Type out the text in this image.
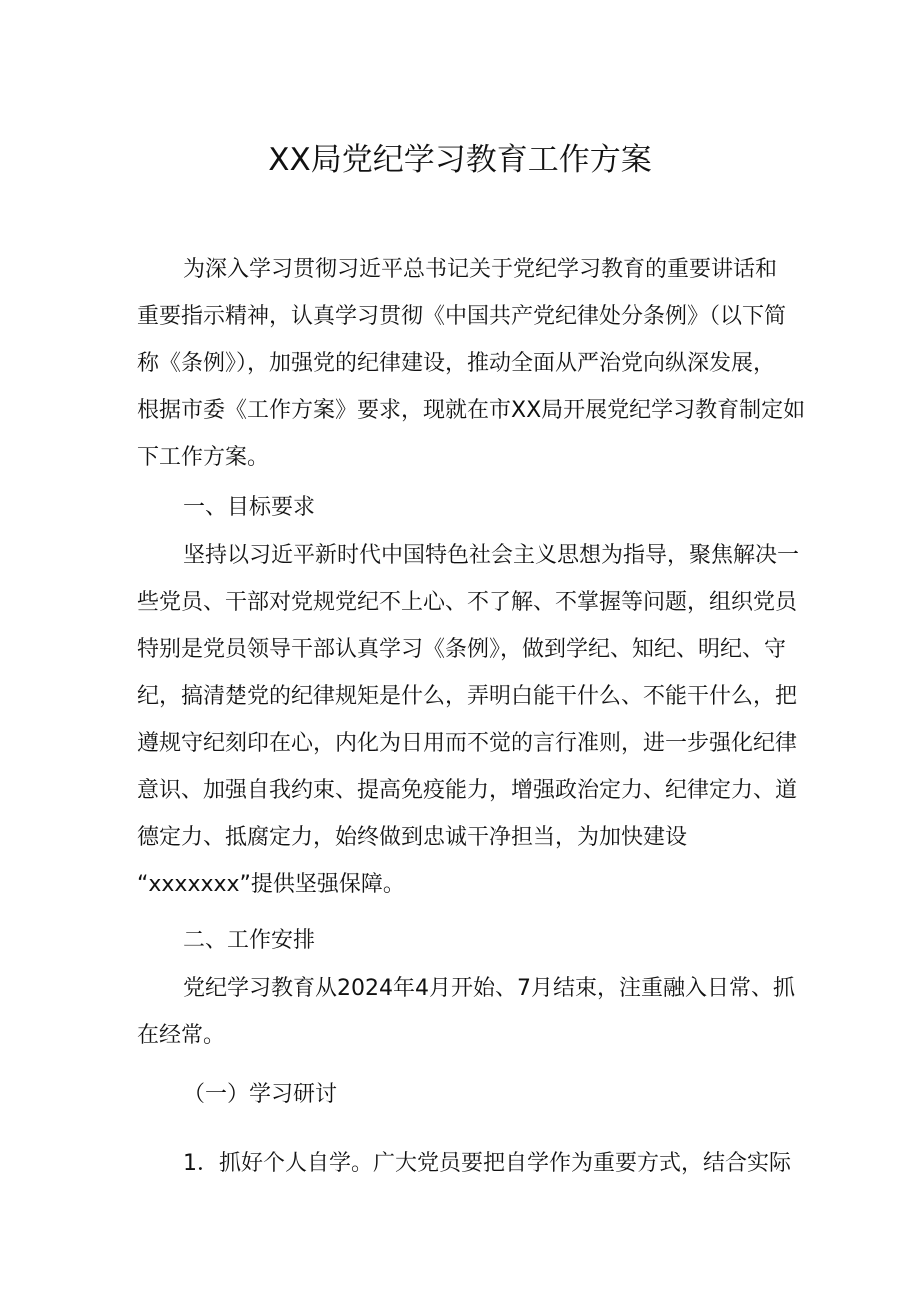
XX局党纪学习教育工作方案
为深入学习贯彻习近平总书记关于党纪学习教育的重要讲话和
重要指示精神，认真学习贯彻《中国共产党纪律处分条例》（以下简
称《条例》），加强党的纪律建设，推动全面从严治党向纵深发展，
根据市委《工作方案》要求，现就在市XX局开展党纪学习教育制定如
下工作方案。
一、目标要求
坚持以习近平新时代中国特色社会主义思想为指导，聚焦解决一
些党员、干部对党规党纪不上心、不了解、不掌握等问题，组织党员
特别是党员领导干部认真学习《条例》，做到学纪、知纪、明纪、守
纪，搞清楚党的纪律规矩是什么，弄明白能干什么、不能干什么，把
遵规守纪刻印在心，内化为日用而不觉的言行准则，进一步强化纪律
意识、加强自我约束、提高免疫能力，增强政治定力、纪律定力、道
德定力、抵腐定力，始终做到忠诚干净担当，为加快建设
“xxxxxxx”提供坚强保障。
二、工作安排
党纪学习教育从2024年4月开始、7月结束，注重融入日常、抓
在经常。
（一）学习研讨
1．抓好个人自学。广大党员要把自学作为重要方式，结合实际
